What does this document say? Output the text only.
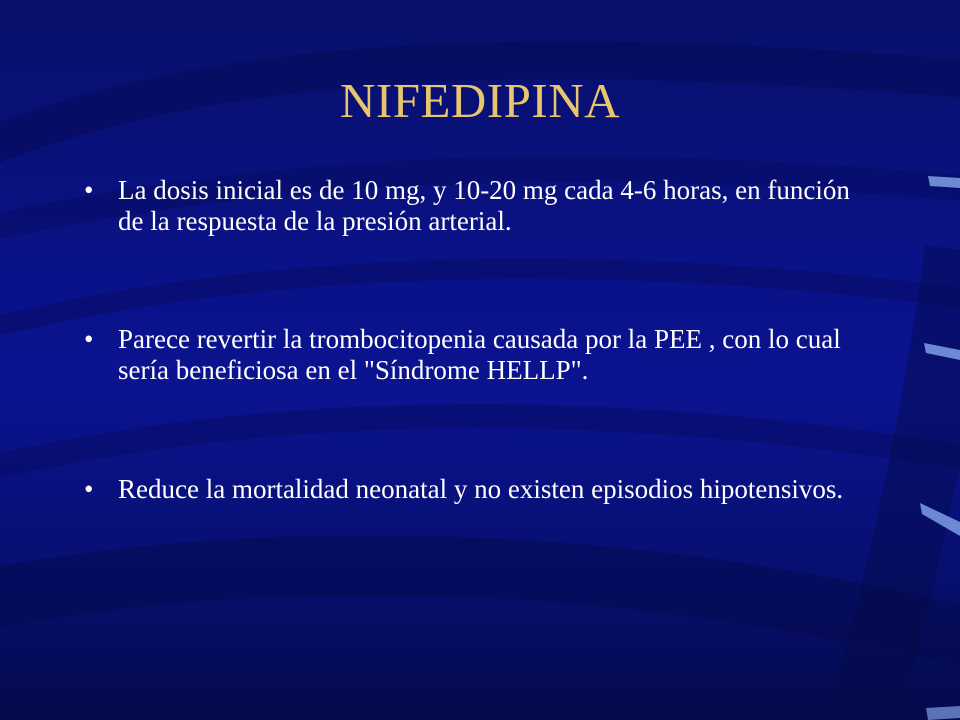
NIFEDIPINA
• La dosis inicial es de 10 mg, y 10-20 mg cada 4-6 horas, en función de la respuesta de la presión arterial.
• Parece revertir la trombocitopenia causada por la PEE , con lo cual sería beneficiosa en el "Síndrome HELLP".
• Reduce la mortalidad neonatal y no existen episodios hipotensivos.
